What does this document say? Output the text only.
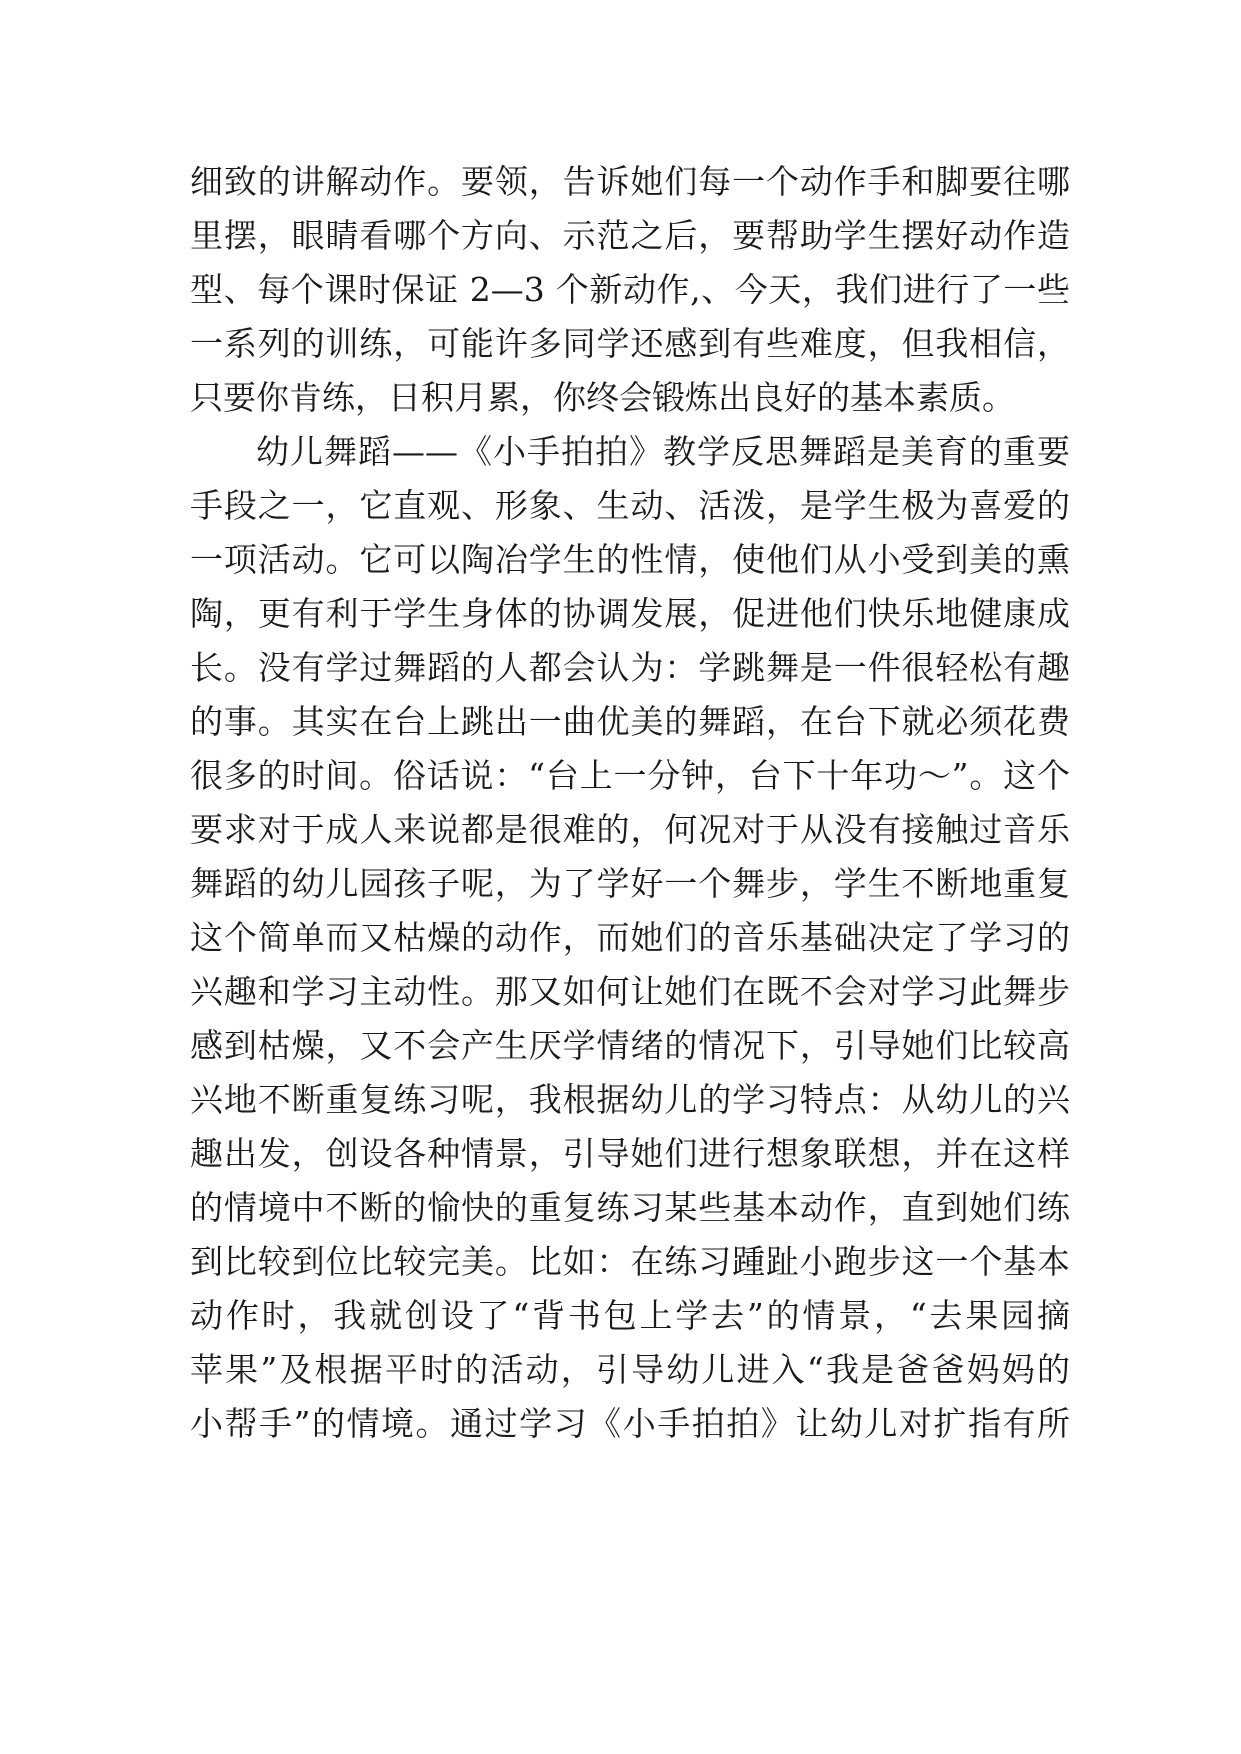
细致的讲解动作。要领，告诉她们每一个动作手和脚要往哪
里摆，眼睛看哪个方向、示范之后，要帮助学生摆好动作造
型、每个课时保证 2—3 个新动作,、今天，我们进行了一些
一系列的训练，可能许多同学还感到有些难度，但我相信，
只要你肯练，日积月累，你终会锻炼出良好的基本素质。
幼儿舞蹈——《小手拍拍》教学反思舞蹈是美育的重要
手段之一，它直观、形象、生动、活泼，是学生极为喜爱的
一项活动。它可以陶冶学生的性情，使他们从小受到美的熏
陶，更有利于学生身体的协调发展，促进他们快乐地健康成
长。没有学过舞蹈的人都会认为：学跳舞是一件很轻松有趣
的事。其实在台上跳出一曲优美的舞蹈，在台下就必须花费
很多的时间。俗话说：“台上一分钟，台下十年功～”。这个
要求对于成人来说都是很难的，何况对于从没有接触过音乐
舞蹈的幼儿园孩子呢，为了学好一个舞步，学生不断地重复
这个简单而又枯燥的动作，而她们的音乐基础决定了学习的
兴趣和学习主动性。那又如何让她们在既不会对学习此舞步
感到枯燥，又不会产生厌学情绪的情况下，引导她们比较高
兴地不断重复练习呢，我根据幼儿的学习特点：从幼儿的兴
趣出发，创设各种情景，引导她们进行想象联想，并在这样
的情境中不断的愉快的重复练习某些基本动作，直到她们练
到比较到位比较完美。比如：在练习踵趾小跑步这一个基本
动作时，我就创设了“背书包上学去”的情景，“去果园摘
苹果”及根据平时的活动，引导幼儿进入“我是爸爸妈妈的
小帮手”的情境。通过学习《小手拍拍》让幼儿对扩指有所
